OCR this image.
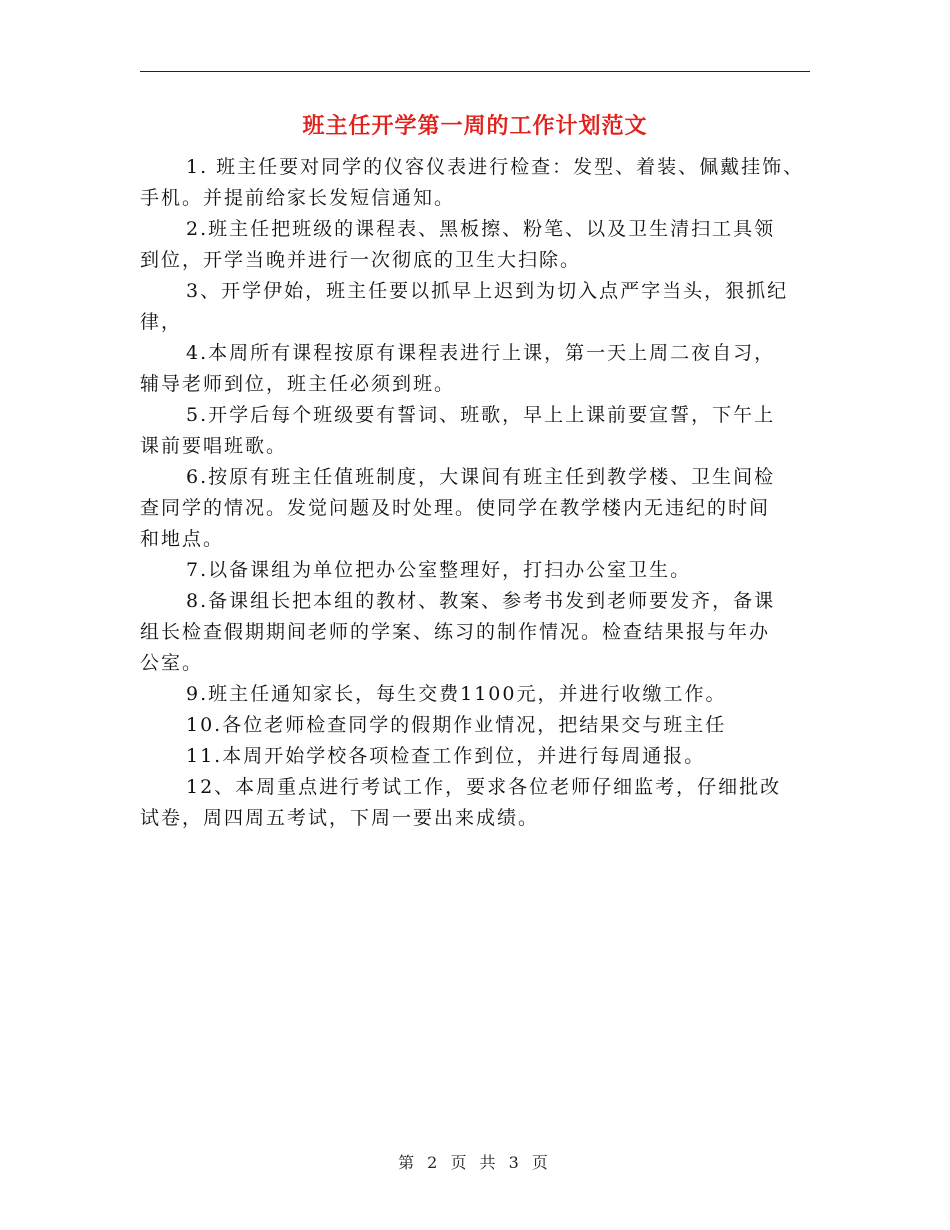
班主任开学第一周的工作计划范文

1. 班主任要对同学的仪容仪表进行检查：发型、着装、佩戴挂饰、
手机。并提前给家长发短信通知。

2.班主任把班级的课程表、黑板擦、粉笔、以及卫生清扫工具领
到位，开学当晚并进行一次彻底的卫生大扫除。

3、开学伊始，班主任要以抓早上迟到为切入点严字当头，狠抓纪
律，

4.本周所有课程按原有课程表进行上课，第一天上周二夜自习，
辅导老师到位，班主任必须到班。

5.开学后每个班级要有誓词、班歌，早上上课前要宣誓，下午上
课前要唱班歌。

6.按原有班主任值班制度，大课间有班主任到教学楼、卫生间检
查同学的情况。发觉问题及时处理。使同学在教学楼内无违纪的时间
和地点。

7.以备课组为单位把办公室整理好，打扫办公室卫生。

8.备课组长把本组的教材、教案、参考书发到老师要发齐，备课
组长检查假期期间老师的学案、练习的制作情况。检查结果报与年办
公室。

9.班主任通知家长，每生交费1100元，并进行收缴工作。

10.各位老师检查同学的假期作业情况，把结果交与班主任

11.本周开始学校各项检查工作到位，并进行每周通报。

12、本周重点进行考试工作，要求各位老师仔细监考，仔细批改
试卷，周四周五考试，下周一要出来成绩。

第 2 页 共 3 页
